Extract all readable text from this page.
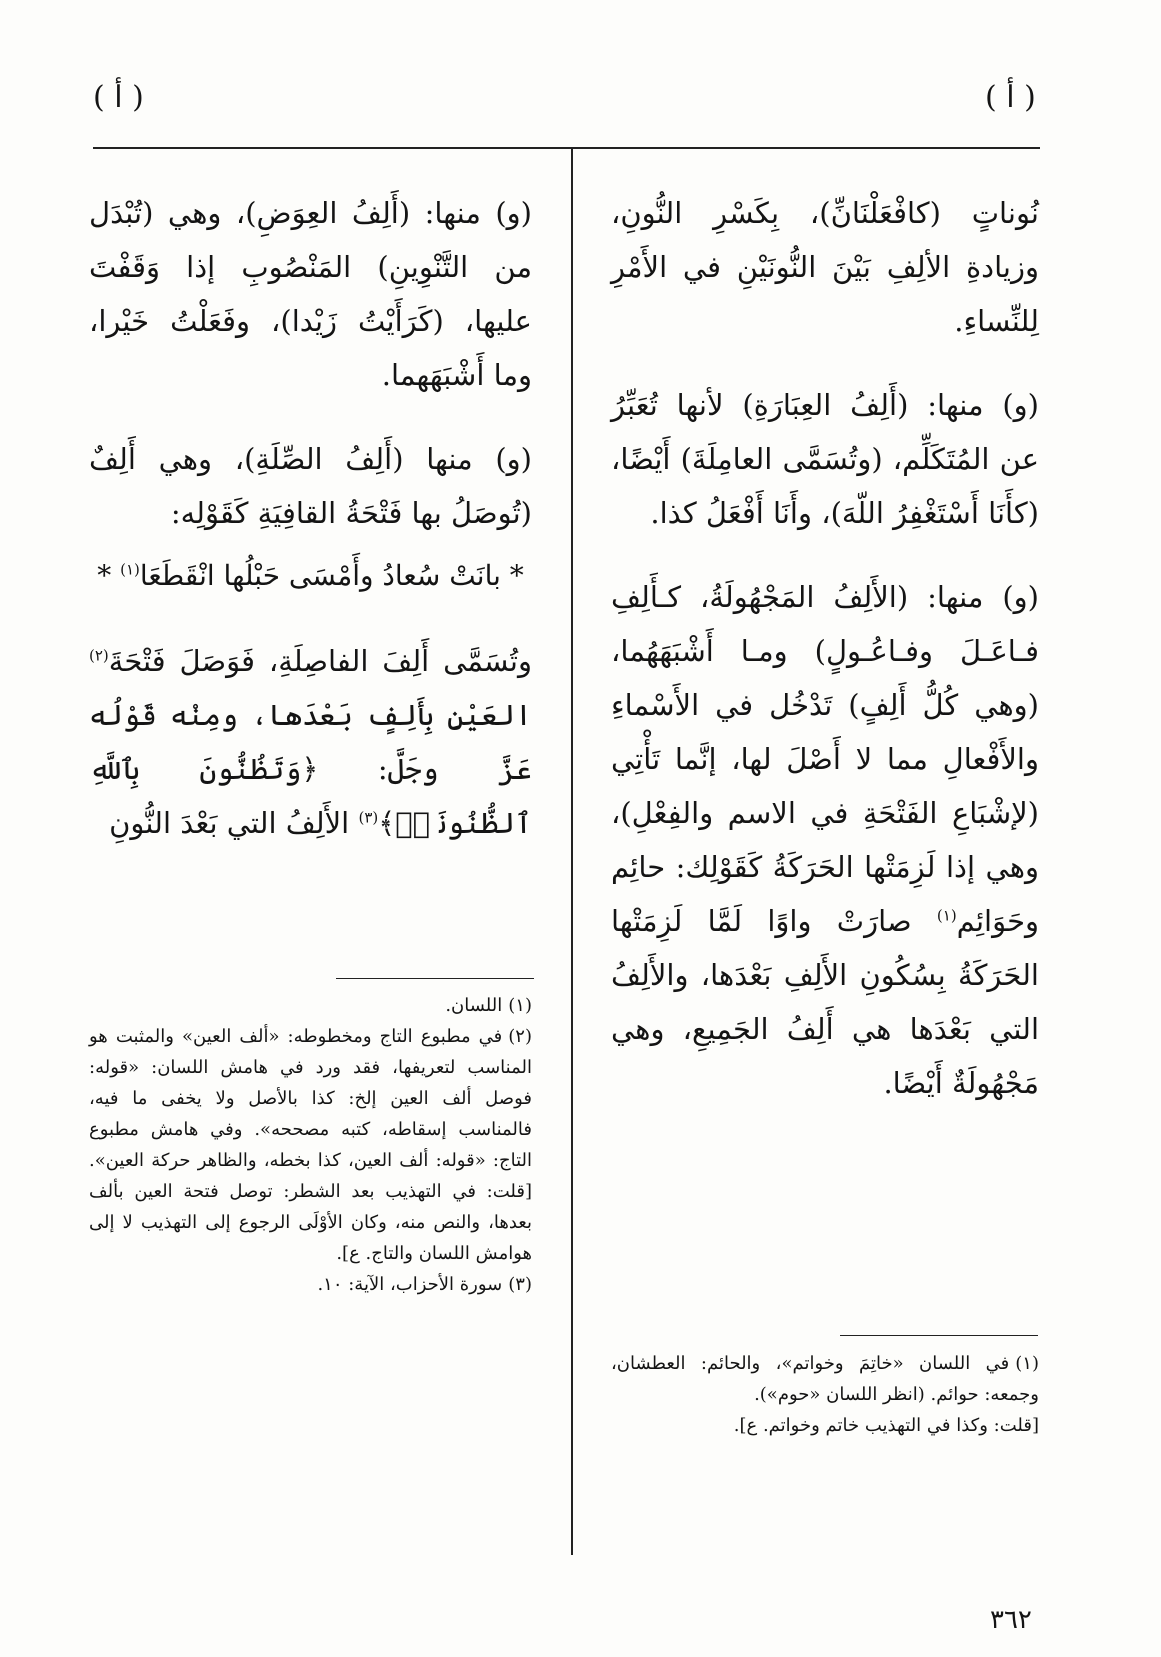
( أ )
( أ )

نُوناتٍ (كافْعَلْنَانِّ)، بِكَسْرِ النُّونِ، وزيادةِ الألِفِ بَيْنَ النُّونَيْنِ في الأَمْرِ لِلنِّساءِ.

(و) منها: (أَلِفُ العِبَارَةِ) لأنها تُعَبِّرُ عن المُتَكَلِّم، (وتُسَمَّى العامِلَةَ) أَيْضًا، (كأَنَا أَسْتَغْفِرُ اللّهَ)، وأَنَا أَفْعَلُ كذا.

(و) منها: (الأَلِفُ المَجْهُولَةُ، كـأَلِفِ فـاعَـلَ وفـاعُـولٍ) ومـا أَشْبَهَهُما، (وهي كُلُّ أَلِفٍ) تَدْخُل في الأَسْماءِ والأَفْعالِ مما لا أَصْلَ لها، إنَّما تَأْتِي (لإشْبَاعِ الفَتْحَةِ في الاسم والفِعْلِ)، وهي إذا لَزِمَتْها الحَرَكَةُ كَقَوْلِك: حائِم وحَوَائِم$^{(١)}$ صارَتْ واوًا لَمَّا لَزِمَتْها الحَرَكَةُ بِسُكُونِ الأَلِفِ بَعْدَها، والأَلِفُ التي بَعْدَها هي أَلِفُ الجَمِيعِ، وهي مَجْهُولَةٌ أَيْضًا.

(و) منها: (أَلِفُ العِوَضِ)، وهي (تُبْدَل من التَّنْوِينِ) المَنْصُوبِ إذا وَقَفْتَ عليها، (كَرَأَيْتُ زَيْدا)، وفَعَلْتُ خَيْرا، وما أَشْبَهَهما.

(و) منها (أَلِفُ الصِّلَةِ)، وهي أَلِفٌ (تُوصَلُ بها فَتْحَةُ القافِيَةِ كَقَوْلِه:

* بانَتْ سُعادُ وأَمْسَى حَبْلُها انْقَطَعَا$^{(١)}$ *

وتُسَمَّى أَلِفَ الفاصِلَةِ، فَوَصَلَ فَتْحَةَ$^{(٢)}$ العَيْنِ بِأَلِفٍ بَعْدَها، ومِنْه قَوْلُه عَزَّ وجَلَّ: ﴿وَتَظُنُّونَ بِٱللَّهِ ٱلظُّنُونَا۠﴾$^{(٣)}$ الأَلِفُ التي بَعْدَ النُّونِ

(١)في اللسان «خاتِمَ وخواتم»، والحائم: العطشان، وجمعه: حوائم. (انظر اللسان «حوم»).

[قلت: وكذا في التهذيب خاتم وخواتم. ع].

(١)اللسان.

(٢)في مطبوع التاج ومخطوطه: «ألف العين» والمثبت هو المناسب لتعريفها، فقد ورد في هامش اللسان: «قوله: فوصل ألف العين إلخ: كذا بالأصل ولا يخفى ما فيه، فالمناسب إسقاطه، كتبه مصححه». وفي هامش مطبوع التاج: «قوله: ألف العين، كذا بخطه، والظاهر حركة العين». [قلت: في التهذيب بعد الشطر: توصل فتحة العين بألف بعدها، والنص منه، وكان الأوْلَى الرجوع إلى التهذيب لا إلى هوامش اللسان والتاج. ع].

(٣)سورة الأحزاب، الآية: ١٠.

٣٦٢
